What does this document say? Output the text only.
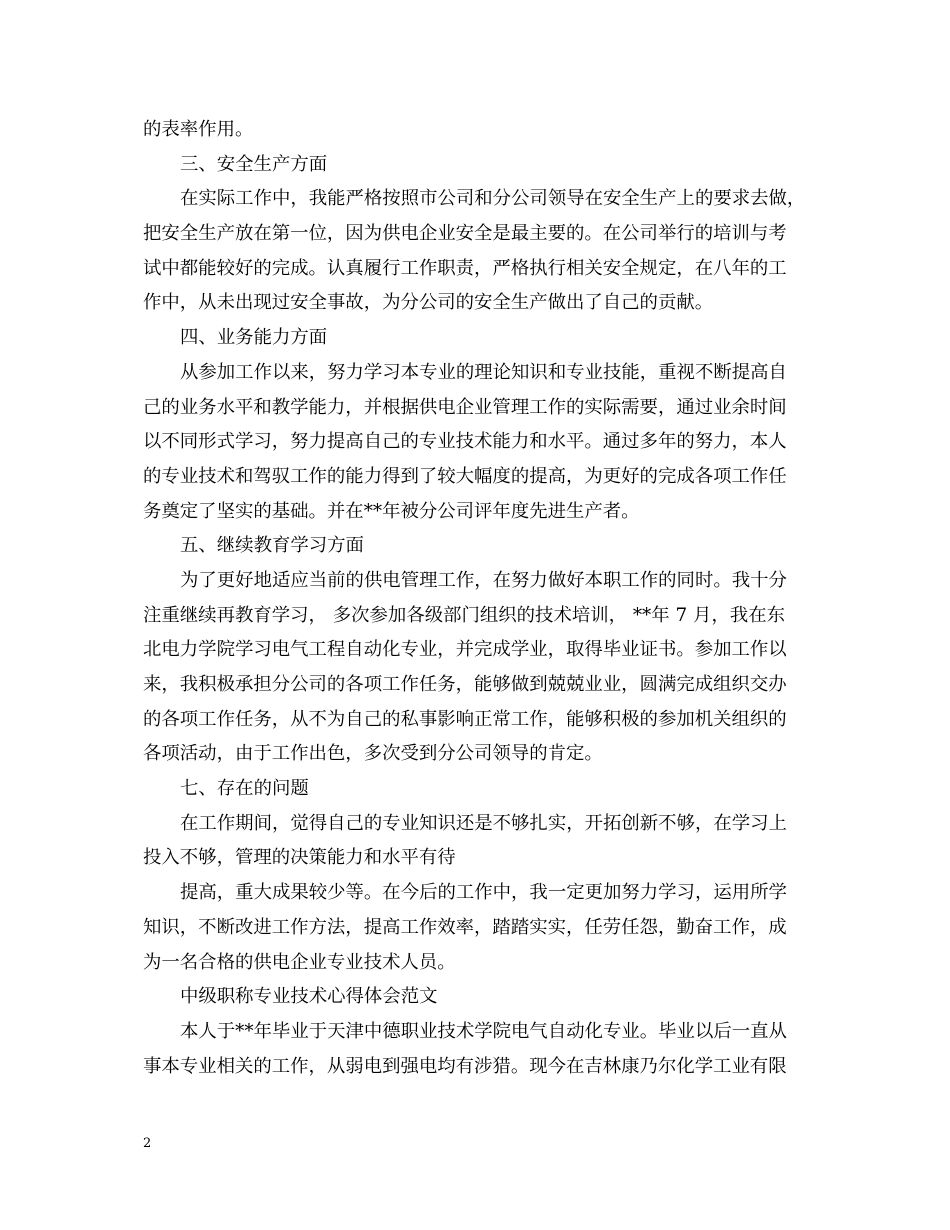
的表率作用。
三、安全生产方面
在实际工作中，我能严格按照市公司和分公司领导在安全生产上的要求去做，
把安全生产放在第一位，因为供电企业安全是最主要的。在公司举行的培训与考
试中都能较好的完成。认真履行工作职责，严格执行相关安全规定，在八年的工
作中，从未出现过安全事故，为分公司的安全生产做出了自己的贡献。
四、业务能力方面
从参加工作以来，努力学习本专业的理论知识和专业技能，重视不断提高自
己的业务水平和教学能力，并根据供电企业管理工作的实际需要，通过业余时间
以不同形式学习，努力提高自己的专业技术能力和水平。通过多年的努力，本人
的专业技术和驾驭工作的能力得到了较大幅度的提高，为更好的完成各项工作任
务奠定了坚实的基础。并在**年被分公司评年度先进生产者。
五、继续教育学习方面
为了更好地适应当前的供电管理工作，在努力做好本职工作的同时。我十分
注重继续再教育学习， 多次参加各级部门组织的技术培训， **年 7 月，我在东
北电力学院学习电气工程自动化专业，并完成学业，取得毕业证书。参加工作以
来，我积极承担分公司的各项工作任务，能够做到兢兢业业，圆满完成组织交办
的各项工作任务，从不为自己的私事影响正常工作，能够积极的参加机关组织的
各项活动，由于工作出色，多次受到分公司领导的肯定。
七、存在的问题
在工作期间，觉得自己的专业知识还是不够扎实，开拓创新不够，在学习上
投入不够，管理的决策能力和水平有待
提高，重大成果较少等。在今后的工作中，我一定更加努力学习，运用所学
知识，不断改进工作方法，提高工作效率，踏踏实实，任劳任怨，勤奋工作，成
为一名合格的供电企业专业技术人员。
中级职称专业技术心得体会范文
本人于**年毕业于天津中德职业技术学院电气自动化专业。毕业以后一直从
事本专业相关的工作，从弱电到强电均有涉猎。现今在吉林康乃尔化学工业有限
2
